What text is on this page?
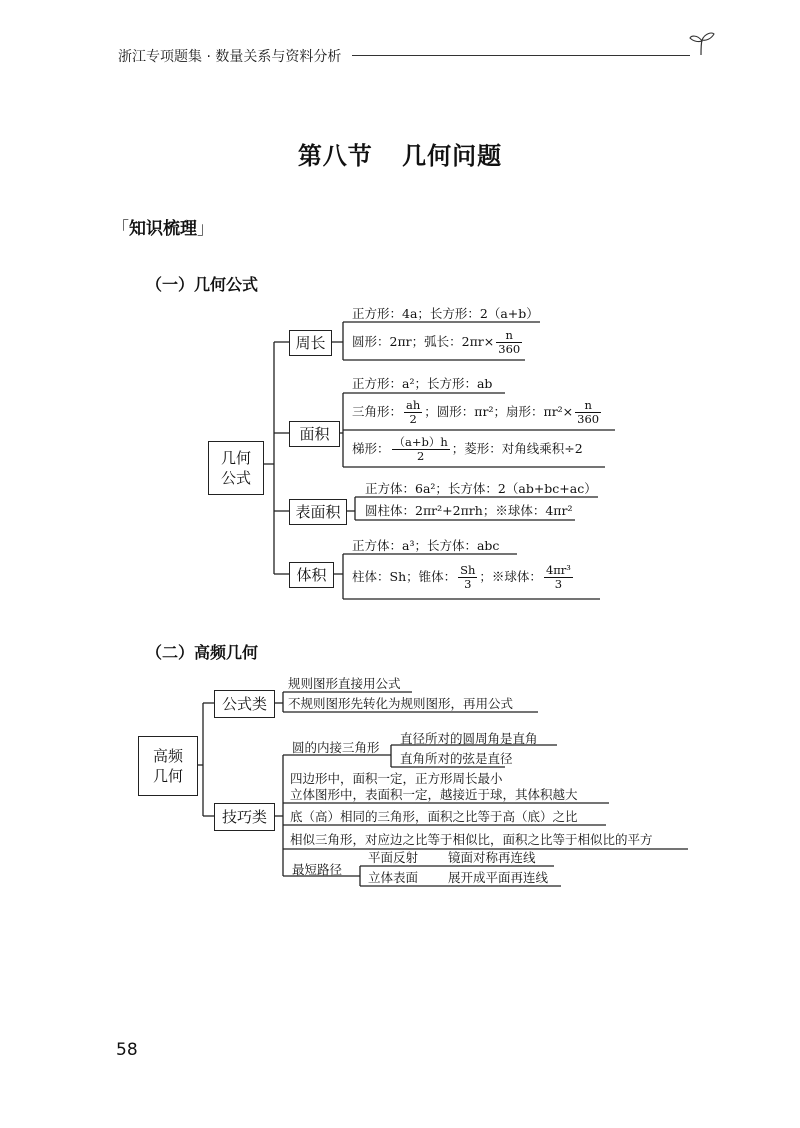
浙江专项题集 · 数量关系与资料分析
第八节 几何问题
「知识梳理」
（一）几何公式
几何公式
周长
面积
表面积
体积
正方形：4a；长方形：2（a+b）
圆形：2πr；弧长：$2\pi r\times \frac{n}{360}$
正方形：a²；长方形：ab
三角形： $\frac{ah}{2}$ ；圆形：πr²；扇形：$\pi r^2\times \frac{n}{360}$
梯形： $\frac{(a+b)h}{2}$ ；菱形：对角线乘积÷2
正方体：6a²；长方体：2（ab+bc+ac）
圆柱体：2πr²+2πrh；※球体：4πr²
正方体：a³；长方体：abc
柱体：Sh；锥体： $\frac{Sh}{3}$ ；※球体： $\frac{\text{4πr³}}{3}$
（二）高频几何
高频几何
公式类
技巧类
规则图形直接用公式
不规则图形先转化为规则图形，再用公式
圆的内接三角形
直径所对的圆周角是直角
直角所对的弦是直径
四边形中，面积一定，正方形周长最小
立体图形中，表面积一定，越接近于球，其体积越大
底（高）相同的三角形，面积之比等于高（底）之比
相似三角形，对应边之比等于相似比，面积之比等于相似比的平方
最短路径
平面反射 镜面对称再连线
立体表面 展开成平面再连线
58
